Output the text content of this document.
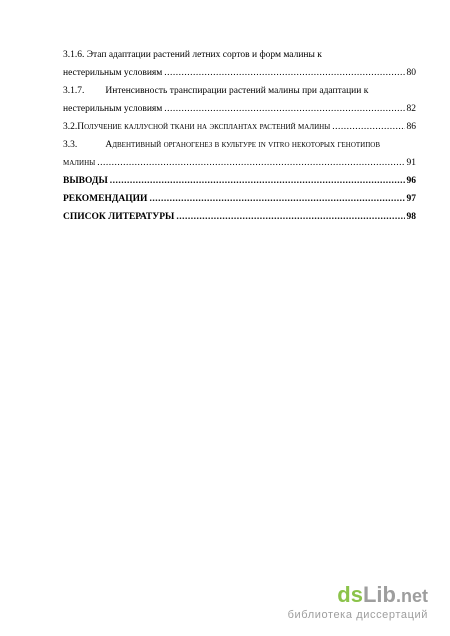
3.1.6. Этап адаптации растений летних сортов и форм малины к
нестерильным условиям .....	80
3.1.7. Интенсивность транспирации растений малины при адаптации к
нестерильным условиям .....	82
3.2. Получение каллусной ткани на эксплантах растений малины .....	86
3.3.	Адвентивный органогенез в культуре in vitro некоторых генотипов
малины .....	91
ВЫВОДЫ .....	96
РЕКОМЕНДАЦИИ .....	97
СПИСОК ЛИТЕРАТУРЫ .....	98
dsLib.net
библиотека диссертаций
